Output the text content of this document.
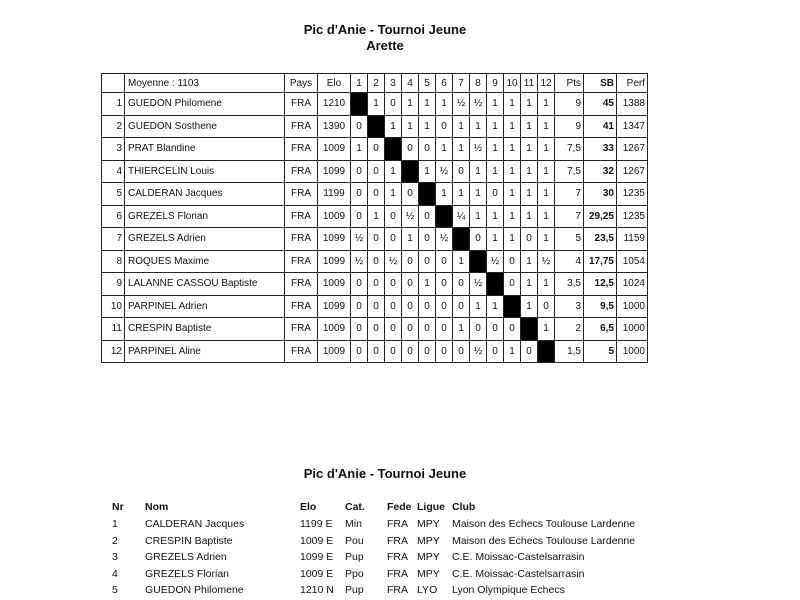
Pic d'Anie - Tournoi Jeune
Arette
	Moyenne : 1103	Pays	Elo	1	2	3	4	5	6	7	8	9	10	11	12	Pts	SB	Perf
1	GUEDON Philomene	FRA	1210		1	0	1	1	1	½	½	1	1	1	1	9	45	1388
2	GUEDON Sosthene	FRA	1390	0		1	1	1	0	1	1	1	1	1	1	9	41	1347
3	PRAT Blandine	FRA	1009	1	0		0	0	1	1	½	1	1	1	1	7,5	33	1267
4	THIERCELIN Louis	FRA	1099	0	0	1		1	½	0	1	1	1	1	1	7,5	32	1267
5	CALDERAN Jacques	FRA	1199	0	0	1	0		1	1	1	0	1	1	1	7	30	1235
6	GREZELS Florian	FRA	1009	0	1	0	½	0		¼	1	1	1	1	1	7	29,25	1235
7	GREZELS Adrien	FRA	1099	½	0	0	1	0	½		0	1	1	0	1	5	23,5	1159
8	ROQUES Maxime	FRA	1099	½	0	½	0	0	0	1		½	0	1	½	4	17,75	1054
9	LALANNE CASSOU Baptiste	FRA	1009	0	0	0	0	1	0	0	½		0	1	1	3,5	12,5	1024
10	PARPINEL Adrien	FRA	1099	0	0	0	0	0	0	0	1	1		1	0	3	9,5	1000
11	CRESPIN Baptiste	FRA	1009	0	0	0	0	0	0	1	0	0	0		1	2	6,5	1000
12	PARPINEL Aline	FRA	1009	0	0	0	0	0	0	0	½	0	1	0		1,5	5	1000
Pic d'Anie - Tournoi Jeune
Nr	Nom	Elo	Cat.	Fede	Ligue	Club
1	CALDERAN Jacques	1199 E	Min	FRA	MPY	Maison des Echecs Toulouse Lardenne
2	CRESPIN Baptiste	1009 E	Pou	FRA	MPY	Maison des Echecs Toulouse Lardenne
3	GREZELS Adrien	1099 E	Pup	FRA	MPY	C.E. Moissac-Castelsarrasin
4	GREZELS Florian	1009 E	Ppo	FRA	MPY	C.E. Moissac-Castelsarrasin
5	GUEDON Philomene	1210 N	Pup	FRA	LYO	Lyon Olympique Echecs
